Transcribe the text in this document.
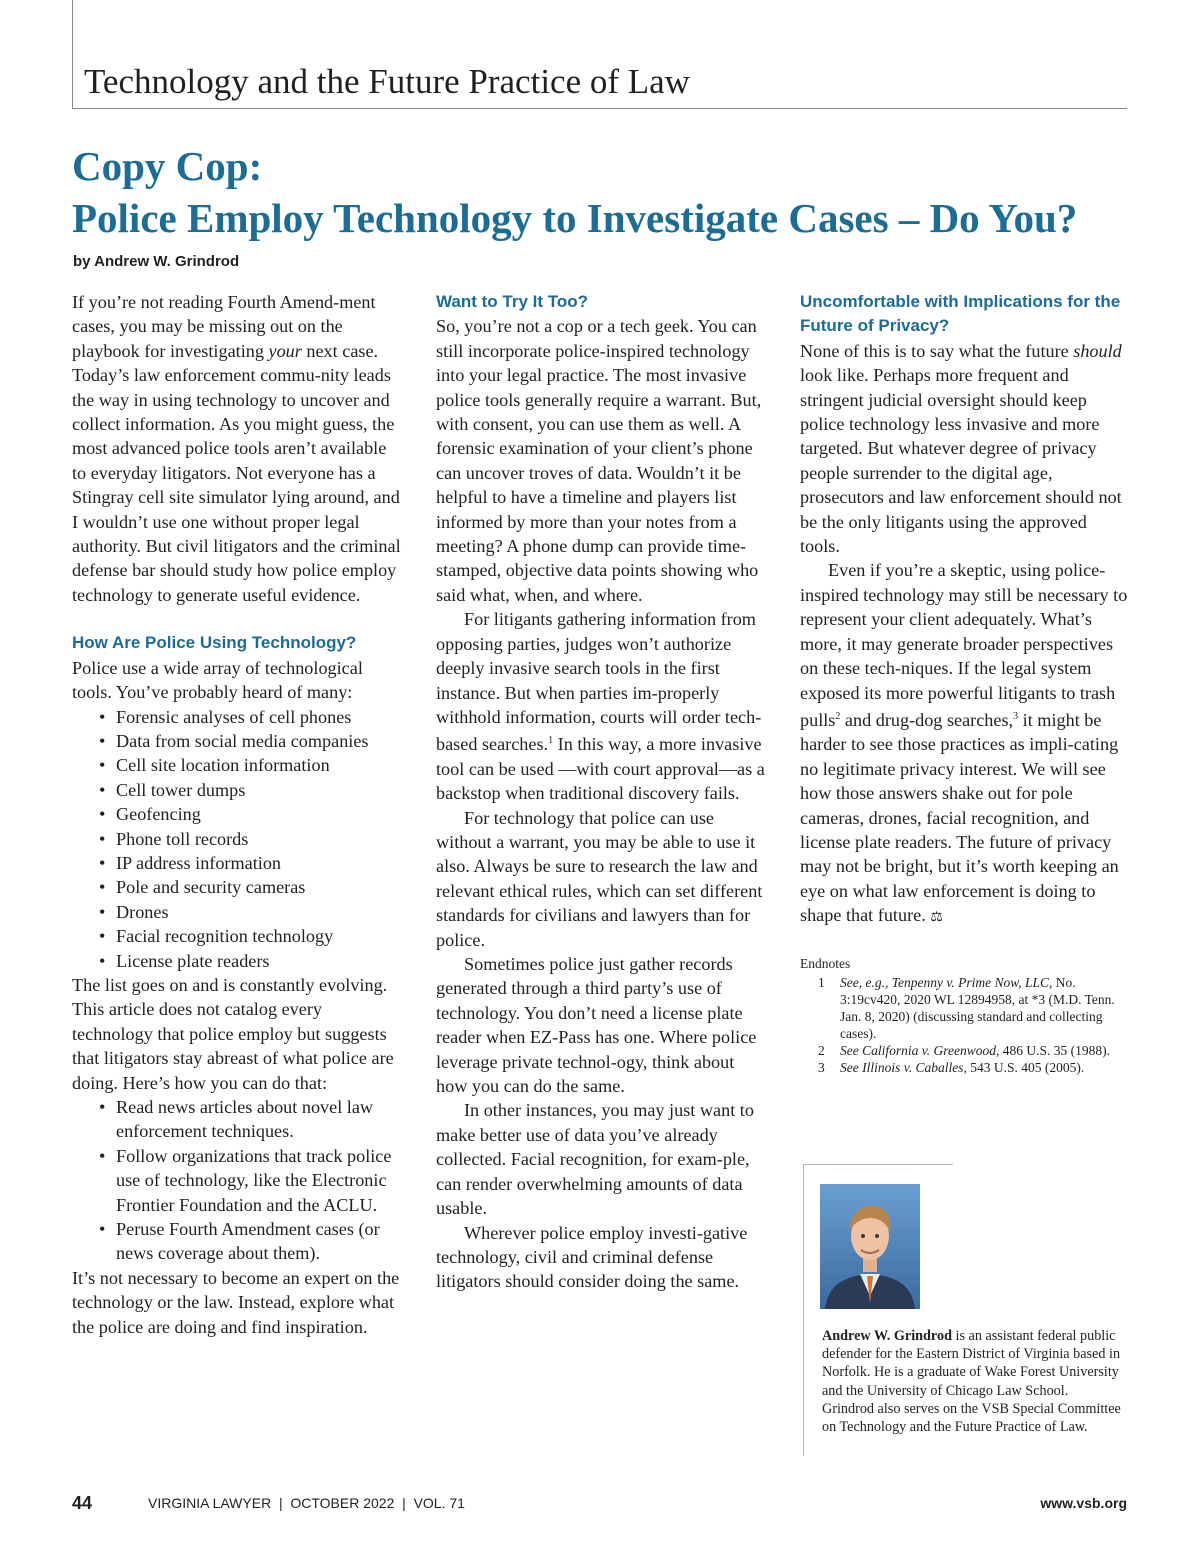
Technology and the Future Practice of Law
Copy Cop:
Police Employ Technology to Investigate Cases – Do You?
by Andrew W. Grindrod

If you’re not reading Fourth Amend-ment cases, you may be missing out on the playbook for investigating your next case. Today’s law enforcement commu-nity leads the way in using technology to uncover and collect information. As you might guess, the most advanced police tools aren’t available to everyday litigators. Not everyone has a Stingray cell site simulator lying around, and I wouldn’t use one without proper legal authority. But civil litigators and the criminal defense bar should study how police employ technology to generate useful evidence.

How Are Police Using Technology?

Police use a wide array of technological tools. You’ve probably heard of many:

• Forensic analyses of cell phones
• Data from social media companies
• Cell site location information
• Cell tower dumps
• Geofencing
• Phone toll records
• IP address information
• Pole and security cameras
• Drones
• Facial recognition technology
• License plate readers

The list goes on and is constantly evolving. This article does not catalog every technology that police employ but suggests that litigators stay abreast of what police are doing. Here’s how you can do that:

• Read news articles about novel law enforcement techniques.
• Follow organizations that track police use of technology, like the Electronic Frontier Foundation and the ACLU.
• Peruse Fourth Amendment cases (or news coverage about them).

It’s not necessary to become an expert on the technology or the law. Instead, explore what the police are doing and find inspiration.

Want to Try It Too?

So, you’re not a cop or a tech geek. You can still incorporate police-inspired technology into your legal practice. The most invasive police tools generally require a warrant. But, with consent, you can use them as well. A forensic examination of your client’s phone can uncover troves of data. Wouldn’t it be helpful to have a timeline and players list informed by more than your notes from a meeting? A phone dump can provide time-stamped, objective data points showing who said what, when, and where.

For litigants gathering information from opposing parties, judges won’t authorize deeply invasive search tools in the first instance. But when parties im-properly withhold information, courts will order tech-based searches.$^1$ In this way, a more invasive tool can be used —with court approval—as a backstop when traditional discovery fails.

For technology that police can use without a warrant, you may be able to use it also. Always be sure to research the law and relevant ethical rules, which can set different standards for civilians and lawyers than for police.

Sometimes police just gather records generated through a third party’s use of technology. You don’t need a license plate reader when EZ-Pass has one. Where police leverage private technol-ogy, think about how you can do the same.

In other instances, you may just want to make better use of data you’ve already collected. Facial recognition, for exam-ple, can render overwhelming amounts of data usable.

Wherever police employ investi-gative technology, civil and criminal defense litigators should consider doing the same.

Uncomfortable with Implications for the Future of Privacy?

None of this is to say what the future should look like. Perhaps more frequent and stringent judicial oversight should keep police technology less invasive and more targeted. But whatever degree of privacy people surrender to the digital age, prosecutors and law enforcement should not be the only litigants using the approved tools.

Even if you’re a skeptic, using police-inspired technology may still be necessary to represent your client adequately. What’s more, it may generate broader perspectives on these tech-niques. If the legal system exposed its more powerful litigants to trash pulls$^2$ and drug-dog searches,$^3$ it might be harder to see those practices as impli-cating no legitimate privacy interest. We will see how those answers shake out for pole cameras, drones, facial recognition, and license plate readers. The future of privacy may not be bright, but it’s worth keeping an eye on what law enforcement is doing to shape that future. ⚖

Endnotes
1 See, e.g., Tenpenny v. Prime Now, LLC, No. 3:19cv420, 2020 WL 12894958, at *3 (M.D. Tenn. Jan. 8, 2020) (discussing standard and collecting cases).
2 See California v. Greenwood, 486 U.S. 35 (1988).
3 See Illinois v. Caballes, 543 U.S. 405 (2005).
Andrew W. Grindrod is an assistant federal public defender for the Eastern District of Virginia based in Norfolk. He is a graduate of Wake Forest University and the University of Chicago Law School. Grindrod also serves on the VSB Special Committee on Technology and the Future Practice of Law.
44	VIRGINIA LAWYER  |  OCTOBER 2022  |  VOL. 71	www.vsb.org
